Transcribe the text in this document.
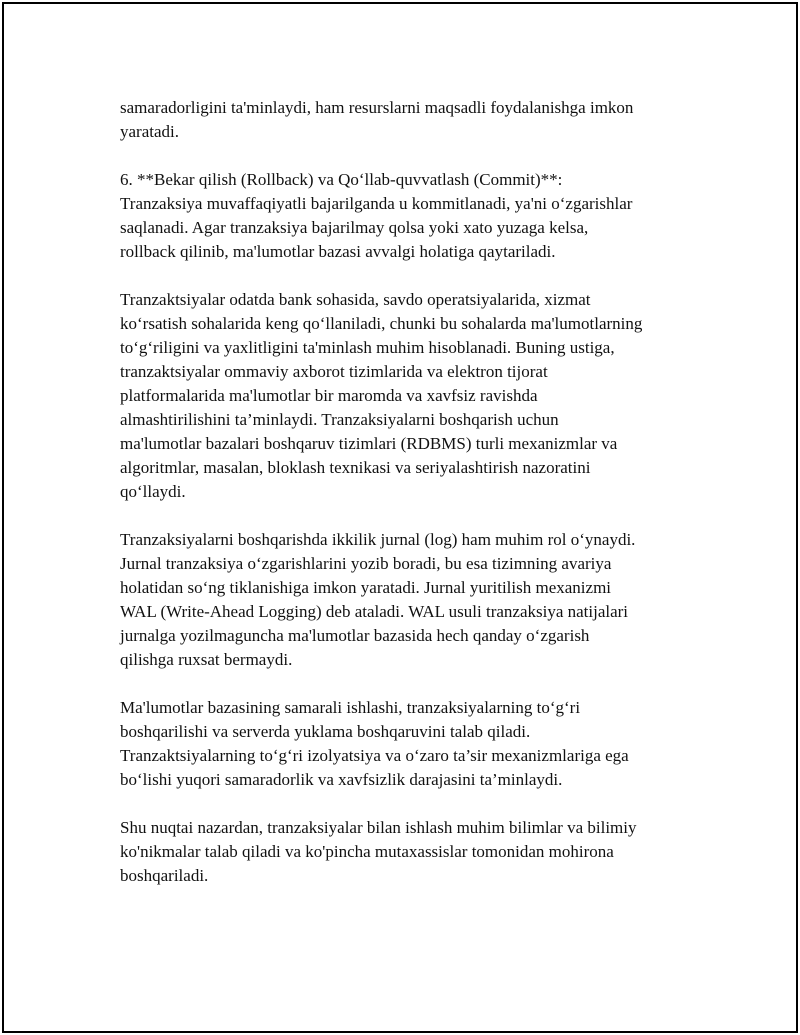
samaradorligini ta'minlaydi, ham resurslarni maqsadli foydalanishga imkon
yaratadi.

6. **Bekar qilish (Rollback) va Qo‘llab-quvvatlash (Commit)**:
Tranzaksiya muvaffaqiyatli bajarilganda u kommitlanadi, ya'ni o‘zgarishlar
saqlanadi. Agar tranzaksiya bajarilmay qolsa yoki xato yuzaga kelsa,
rollback qilinib, ma'lumotlar bazasi avvalgi holatiga qaytariladi.

Tranzaktsiyalar odatda bank sohasida, savdo operatsiyalarida, xizmat
ko‘rsatish sohalarida keng qo‘llaniladi, chunki bu sohalarda ma'lumotlarning
to‘g‘riligini va yaxlitligini ta'minlash muhim hisoblanadi. Buning ustiga,
tranzaktsiyalar ommaviy axborot tizimlarida va elektron tijorat
platformalarida ma'lumotlar bir maromda va xavfsiz ravishda
almashtirilishini ta’minlaydi. Tranzaksiyalarni boshqarish uchun
ma'lumotlar bazalari boshqaruv tizimlari (RDBMS) turli mexanizmlar va
algoritmlar, masalan, bloklash texnikasi va seriyalashtirish nazoratini
qo‘llaydi.

Tranzaksiyalarni boshqarishda ikkilik jurnal (log) ham muhim rol o‘ynaydi.
Jurnal tranzaksiya o‘zgarishlarini yozib boradi, bu esa tizimning avariya
holatidan so‘ng tiklanishiga imkon yaratadi. Jurnal yuritilish mexanizmi
WAL (Write-Ahead Logging) deb ataladi. WAL usuli tranzaksiya natijalari
jurnalga yozilmaguncha ma'lumotlar bazasida hech qanday o‘zgarish
qilishga ruxsat bermaydi.

Ma'lumotlar bazasining samarali ishlashi, tranzaksiyalarning to‘g‘ri
boshqarilishi va serverda yuklama boshqaruvini talab qiladi.
Tranzaktsiyalarning to‘g‘ri izolyatsiya va o‘zaro ta’sir mexanizmlariga ega
bo‘lishi yuqori samaradorlik va xavfsizlik darajasini ta’minlaydi.

Shu nuqtai nazardan, tranzaksiyalar bilan ishlash muhim bilimlar va bilimiy
ko'nikmalar talab qiladi va ko'pincha mutaxassislar tomonidan mohirona
boshqariladi.
